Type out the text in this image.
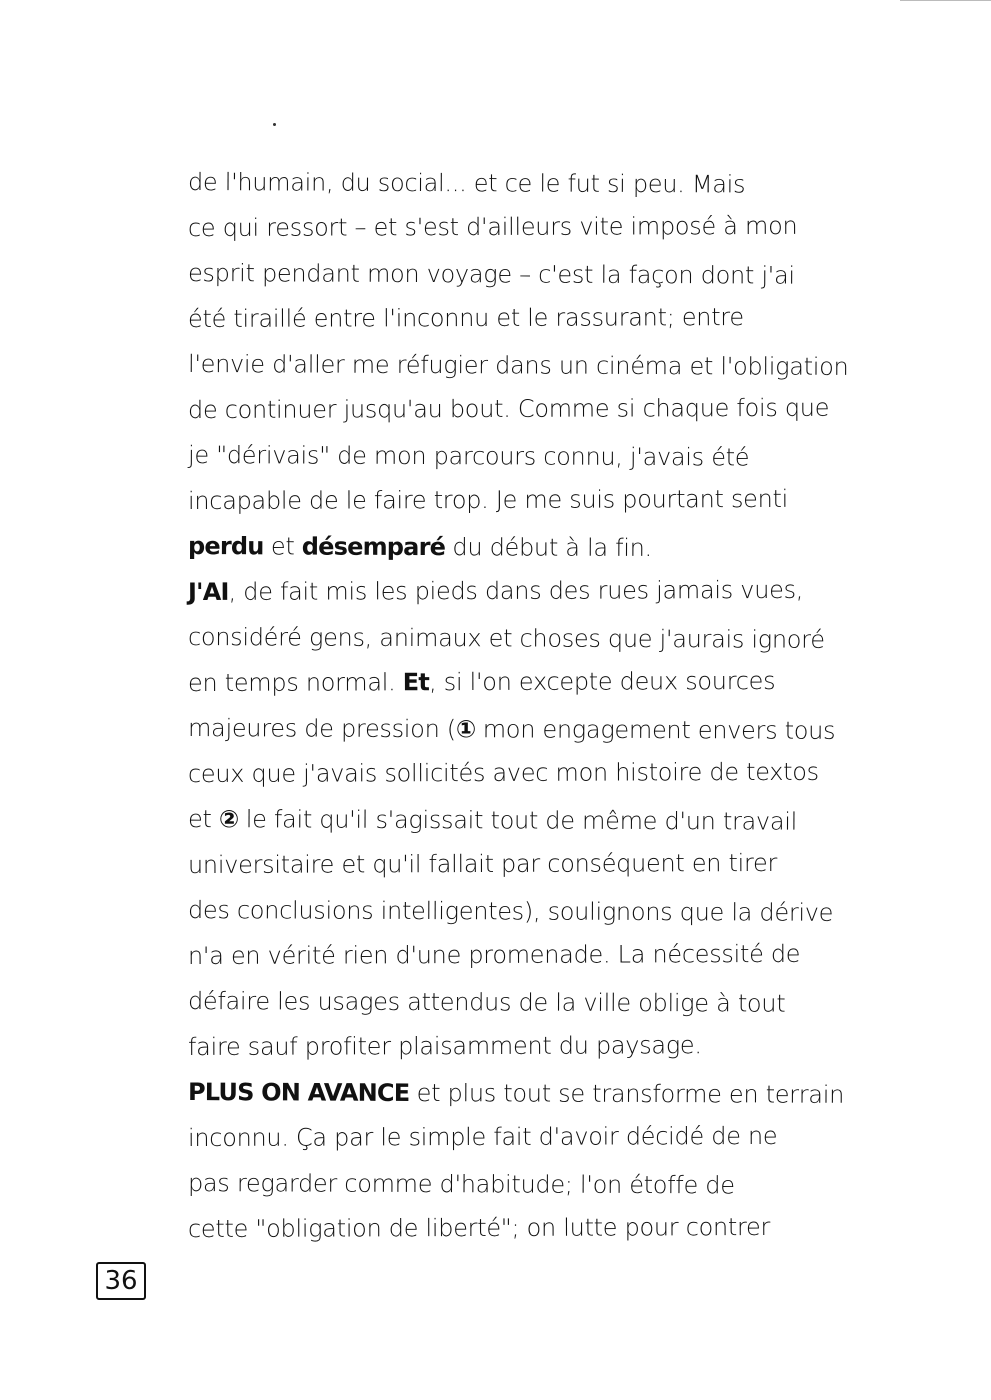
de l'humain, du social... et ce le fut si peu. Mais
ce qui ressort – et s'est d'ailleurs vite imposé à mon
esprit pendant mon voyage – c'est la façon dont j'ai
été tiraillé entre l'inconnu et le rassurant; entre
l'envie d'aller me réfugier dans un cinéma et l'obligation
de continuer jusqu'au bout. Comme si chaque fois que
je "dérivais" de mon parcours connu, j'avais été
incapable de le faire trop. Je me suis pourtant senti
perdu et désemparé du début à la fin.
J'AI, de fait mis les pieds dans des rues jamais vues,
considéré gens, animaux et choses que j'aurais ignoré
en temps normal. Et, si l'on excepte deux sources
majeures de pression (① mon engagement envers tous
ceux que j'avais sollicités avec mon histoire de textos
et ② le fait qu'il s'agissait tout de même d'un travail
universitaire et qu'il fallait par conséquent en tirer
des conclusions intelligentes), soulignons que la dérive
n'a en vérité rien d'une promenade. La nécessité de
défaire les usages attendus de la ville oblige à tout
faire sauf profiter plaisamment du paysage.
PLUS ON AVANCE et plus tout se transforme en terrain
inconnu. Ça par le simple fait d'avoir décidé de ne
pas regarder comme d'habitude; l'on étoffe de
cette "obligation de liberté"; on lutte pour contrer
36
